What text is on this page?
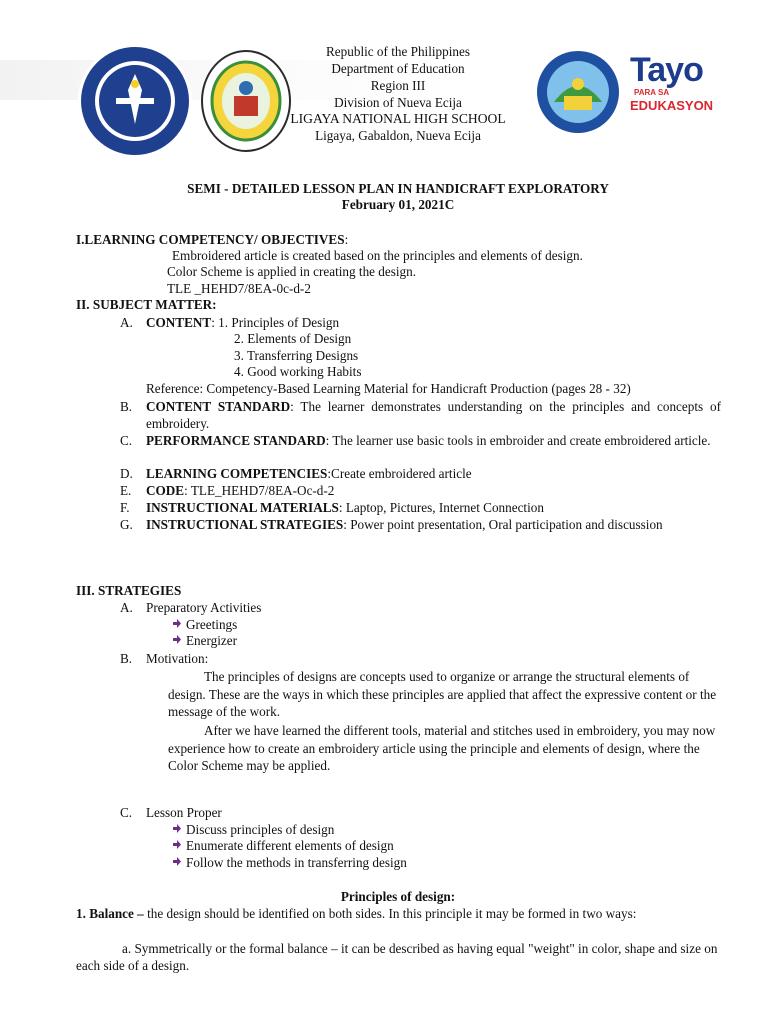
Republic of the Philippines
Department of Education
Region III
Division of Nueva Ecija
LIGAYA NATIONAL HIGH SCHOOL
Ligaya, Gabaldon, Nueva Ecija
Tayo
PARA SA
EDUKASYON
SEMI - DETAILED LESSON PLAN IN HANDICRAFT EXPLORATORY
February 01, 2021C
I.LEARNING COMPETENCY/ OBJECTIVES:
Embroidered article is created based on the principles and elements of design.
Color Scheme is applied in creating the design.
TLE _HEHD7/8EA-0c-d-2
II. SUBJECT MATTER:
A. CONTENT: 1. Principles of Design
2. Elements of Design
3. Transferring Designs
4. Good working Habits
Reference: Competency-Based Learning Material for Handicraft Production (pages 28 - 32)
B.	CONTENT STANDARD: The learner demonstrates understanding on the principles and concepts of embroidery.
C.	PERFORMANCE STANDARD: The learner use basic tools in embroider and create embroidered article.
D. LEARNING COMPETENCIES:Create embroidered article
E. CODE: TLE_HEHD7/8EA-Oc-d-2
F. INSTRUCTIONAL MATERIALS: Laptop, Pictures, Internet Connection
G. INSTRUCTIONAL STRATEGIES: Power point presentation, Oral participation and discussion
III. STRATEGIES
A. Preparatory Activities
Greetings
Energizer
B. Motivation:
The principles of designs are concepts used to organize or arrange the structural elements of design. These are the ways in which these principles are applied that affect the expressive content or the message of the work.
After we have learned the different tools, material and stitches used in embroidery, you may now experience how to create an embroidery article using the principle and elements of design, where the Color Scheme may be applied.
C. Lesson Proper
Discuss principles of design
Enumerate different elements of design
Follow the methods in transferring design
Principles of design:
1. Balance – the design should be identified on both sides. In this principle it may be formed in two ways:
a. Symmetrically or the formal balance – it can be described as having equal "weight" in color, shape and size on each side of a design.
